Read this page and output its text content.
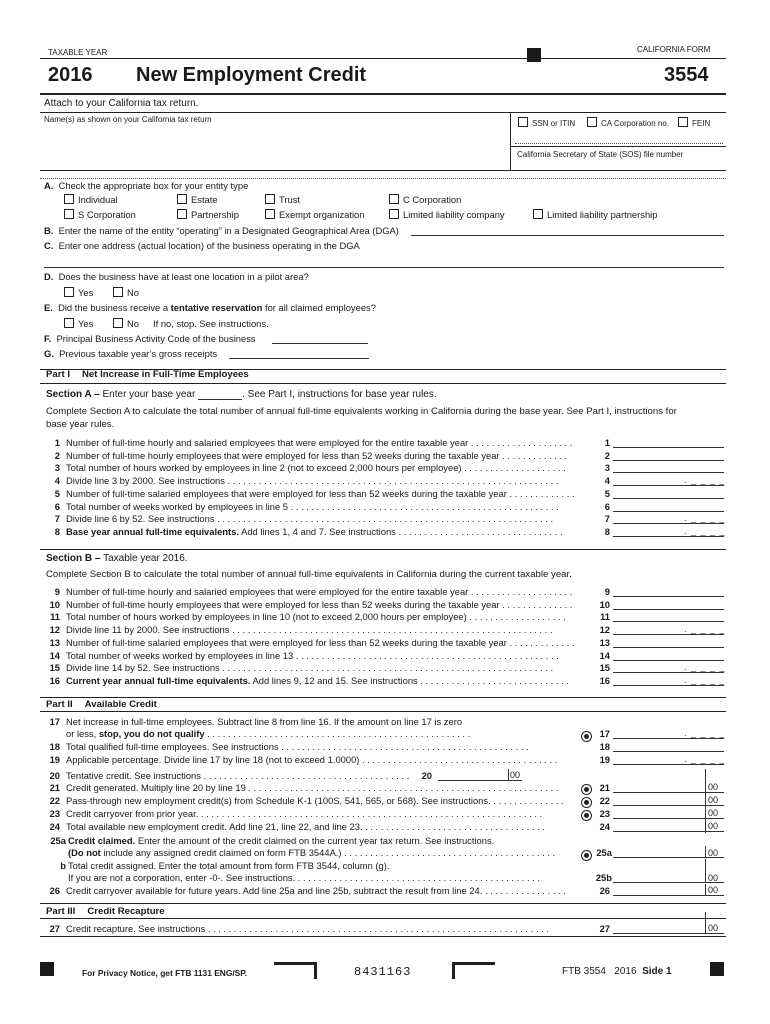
TAXABLE YEAR	CALIFORNIA FORM
2016 New Employment Credit	3554
Attach to your California tax return.
Name(s) as shown on your California tax return	SSN or ITIN	CA Corporation no.	FEIN
California Secretary of State (SOS) file number
A. Check the appropriate box for your entity type
Individual	Estate	Trust	C Corporation
S Corporation	Partnership	Exempt organization	Limited liability company	Limited liability partnership
B. Enter the name of the entity “operating” in a Designated Geographical Area (DGA)
C. Enter one address (actual location) of the business operating in the DGA
D. Does the business have at least one location in a pilot area?
Yes	No
E. Did the business receive a tentative reservation for all claimed employees?
Yes	No If no, stop. See instructions.
F. Principal Business Activity Code of the business
G. Previous taxable year’s gross receipts
Part I Net Increase in Full-Time Employees
Section A – Enter your base year	. See Part I, instructions for base year rules.
Complete Section A to calculate the total number of annual full-time equivalents working in California during the base year. See Part I, instructions for
base year rules.
1 Number of full-time hourly and salaried employees that were employed for the entire taxable year . . . . . . . . . . . . . . . . . . . .	1
2 Number of full-time hourly employees that were employed for less than 52 weeks during the taxable year . . . . . . . . . . . . .	2
3 Total number of hours worked by employees in line 2 (not to exceed 2,000 hours per employee) . . . . . . . . . . . . . . . . . . . .	3
4 Divide line 3 by 2000. See instructions . . . . . . . . . . . . . . . . . . . . . . . . . . . . . . . . . . . . . . . . . . . . . . . . . . . . . . . . . . . . . . . .	4	. _ _ _ _
5 Number of full-time salaried employees that were employed for less than 52 weeks during the taxable year . . . . . . . . . . . . .	5
6 Total number of weeks worked by employees in line 5 . . . . . . . . . . . . . . . . . . . . . . . . . . . . . . . . . . . . . . . . . . . . . . . . . . . .	6
7 Divide line 6 by 52. See instructions . . . . . . . . . . . . . . . . . . . . . . . . . . . . . . . . . . . . . . . . . . . . . . . . . . . . . . . . . . . . . . . . .	7	. _ _ _ _
8 Base year annual full-time equivalents. Add lines 1, 4 and 7. See instructions . . . . . . . . . . . . . . . . . . . . . . . . . . . . . . . .	8	. _ _ _ _
Section B – Taxable year 2016.
Complete Section B to calculate the total number of annual full-time equivalents in California during the current taxable year.
9 Number of full-time hourly and salaried employees that were employed for the entire taxable year . . . . . . . . . . . . . . . . . . . .	9
10 Number of full-time hourly employees that were employed for less than 52 weeks during the taxable year . . . . . . . . . . . . . .	10
11 Total number of hours worked by employees in line 10 (not to exceed 2,000 hours per employee) . . . . . . . . . . . . . . . . . . .	11
12 Divide line 11 by 2000. See instructions . . . . . . . . . . . . . . . . . . . . . . . . . . . . . . . . . . . . . . . . . . . . . . . . . . . . . . . . . . . . . .	12	. _ _ _ _
13 Number of full-time salaried employees that were employed for less than 52 weeks during the taxable year . . . . . . . . . . . . .	13
14 Total number of weeks worked by employees in line 13 . . . . . . . . . . . . . . . . . . . . . . . . . . . . . . . . . . . . . . . . . . . . . . . . . . .	14
15 Divide line 14 by 52. See instructions . . . . . . . . . . . . . . . . . . . . . . . . . . . . . . . . . . . . . . . . . . . . . . . . . . . . . . . . . . . . . . . .	15	. _ _ _ _
16 Current year annual full-time equivalents. Add lines 9, 12 and 15. See instructions . . . . . . . . . . . . . . . . . . . . . . . . . . . . .	16	. _ _ _ _
Part II Available Credit
17 Net increase in full-time employees. Subtract line 8 from line 16. If the amount on line 17 is zero
or less, stop, you do not qualify . . . . . . . . . . . . . . . . . . . . . . . . . . . . . . . . . . . . . . . . . . . . . . . . . . .	17	. _ _ _ _
18 Total qualified full-time employees. See instructions . . . . . . . . . . . . . . . . . . . . . . . . . . . . . . . . . . . . . . . . . . . . . . . .	18
19 Applicable percentage. Divide line 17 by line 18 (not to exceed 1.0000) . . . . . . . . . . . . . . . . . . . . . . . . . . . . . . . . . . . . . .	19	. _ _ _ _
20 Tentative credit. See instructions . . . . . . . . . . . . . . . . . . . . . . . . . . . . . . . . . . . . . . . .	20	00
21 Credit generated. Multiply line 20 by line 19 . . . . . . . . . . . . . . . . . . . . . . . . . . . . . . . . . . . . . . . . . . . . . . . . . . . . . . . . . . . .	21	00
22 Pass-through new employment credit(s) from Schedule K-1 (100S, 541, 565, or 568). See instructions. . . . . . . . . . . . . . .	22	00
23 Credit carryover from prior year. . . . . . . . . . . . . . . . . . . . . . . . . . . . . . . . . . . . . . . . . . . . . . . . . . . . . . . . . . . . . . . . . . .	23	00
24 Total available new employment credit. Add line 21, line 22, and line 23. . . . . . . . . . . . . . . . . . . . . . . . . . . . . . . . . . . .	24	00
25a Credit claimed. Enter the amount of the credit claimed on the current year tax return. See instructions.
(Do not include any assigned credit claimed on form FTB 3544A.) . . . . . . . . . . . . . . . . . . . . . . . . . . . . . . . . . . . . . . . . .	25a	00
b Total credit assigned. Enter the total amount from form FTB 3544, column (g).
If you are not a corporation, enter -0-. See instructions. . . . . . . . . . . . . . . . . . . . . . . . . . . . . . . . . . . . . . . . . . . . . . . .	25b	00
26 Credit carryover available for future years. Add line 25a and line 25b, subtract the result from line 24. . . . . . . . . . . . . . . . .	26	00
Part III Credit Recapture
27 Credit recapture. See instructions . . . . . . . . . . . . . . . . . . . . . . . . . . . . . . . . . . . . . . . . . . . . . . . . . . . . . . . . . . . . . . . . . .	27	00
For Privacy Notice, get FTB 1131 ENG/SP.	8431163	FTB 3554 2016 Side 1
